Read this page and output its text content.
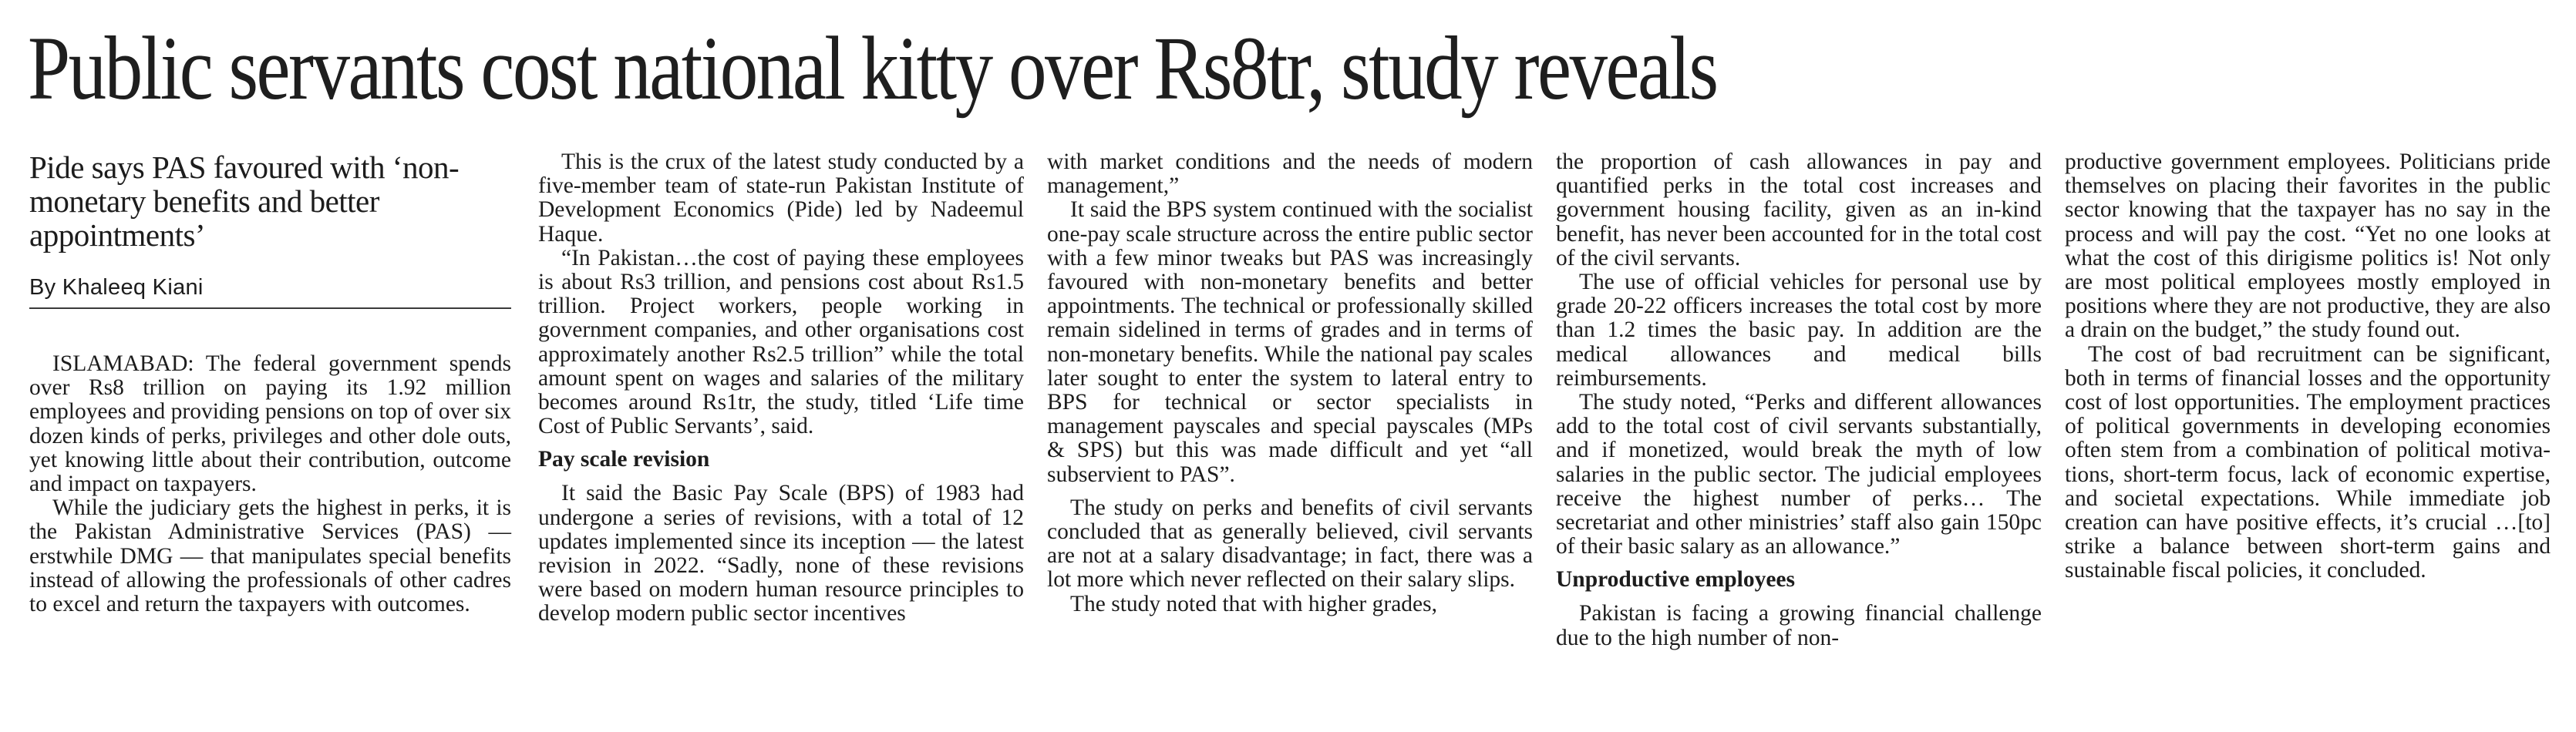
Public servants cost national kitty over Rs8tr, study reveals
Pide says PAS favoured with ‘non-monetary benefits and better appointments’
By Khaleeq Kiani

ISLAMABAD: The federal government spends over Rs8 trillion on paying its 1.92 million employees and providing pensions on top of over six dozen kinds of perks, privileges and other dole outs, yet knowing little about their contribution, outcome and impact on taxpayers.

While the judiciary gets the highest in perks, it is the Pakistan Administrative Services (PAS) — erstwhile DMG — that manipulates special benefits instead of allowing the professionals of other cadres to excel and return the taxpayers with outcomes.

This is the crux of the latest study conducted by a five-member team of state-run Pakistan Institute of Development Economics (Pide) led by Nadeemul Haque.

“In Pakistan…the cost of paying these employees is about Rs3 trillion, and pensions cost about Rs1.5 trillion. Project workers, people working in government companies, and other organisations cost approximately another Rs2.5 trillion” while the total amount spent on wages and salaries of the military becomes around Rs1tr, the study, titled ‘Life time Cost of Public Servants’, said.

Pay scale revision

It said the Basic Pay Scale (BPS) of 1983 had undergone a series of revisions, with a total of 12 updates implemented since its inception — the latest revision in 2022. “Sadly, none of these revisions were based on modern human resource principles to develop modern public sector incentives

with market conditions and the needs of modern management,”

It said the BPS system continued with the socialist one-pay scale structure across the entire public sector with a few minor tweaks but PAS was increasingly favoured with non-monetary benefits and better appointments. The technical or professionally skilled remain sidelined in terms of grades and in terms of non-monetary benefits. While the national pay scales later sought to enter the system to lateral entry to BPS for technical or sector specialists in management payscales and special payscales (MPs & SPS) but this was made difficult and yet “all subservient to PAS”.

The study on perks and benefits of civil servants concluded that as generally believed, civil servants are not at a salary disadvantage; in fact, there was a lot more which never reflected on their salary slips.

The study noted that with higher grades,

the proportion of cash allowances in pay and quantified perks in the total cost increases and government housing facility, given as an in-kind benefit, has never been accounted for in the total cost of the civil servants.

The use of official vehicles for personal use by grade 20-22 officers increases the total cost by more than 1.2 times the basic pay. In addition are the medical allowances and medical bills reimbursements.

The study noted, “Perks and different allowances add to the total cost of civil servants substantially, and if monetized, would break the myth of low salaries in the public sector. The judicial employees receive the highest number of perks… The secretariat and other ministries’ staff also gain 150pc of their basic salary as an allowance.”

Unproductive employees

Pakistan is facing a growing financial challenge due to the high number of non-

productive government employees. Politicians pride themselves on placing their favorites in the public sector knowing that the taxpayer has no say in the process and will pay the cost. “Yet no one looks at what the cost of this dirigisme politics is! Not only are most political employees mostly employed in positions where they are not productive, they are also a drain on the budget,” the study found out.

The cost of bad recruitment can be significant, both in terms of financial losses and the opportunity cost of lost opportunities. The employment practices of political governments in developing economies often stem from a combination of political motivations, short-term focus, lack of economic expertise, and societal expectations. While immediate job creation can have positive effects, it’s crucial …[to] strike a balance between short-term gains and sustainable fiscal policies, it concluded.
